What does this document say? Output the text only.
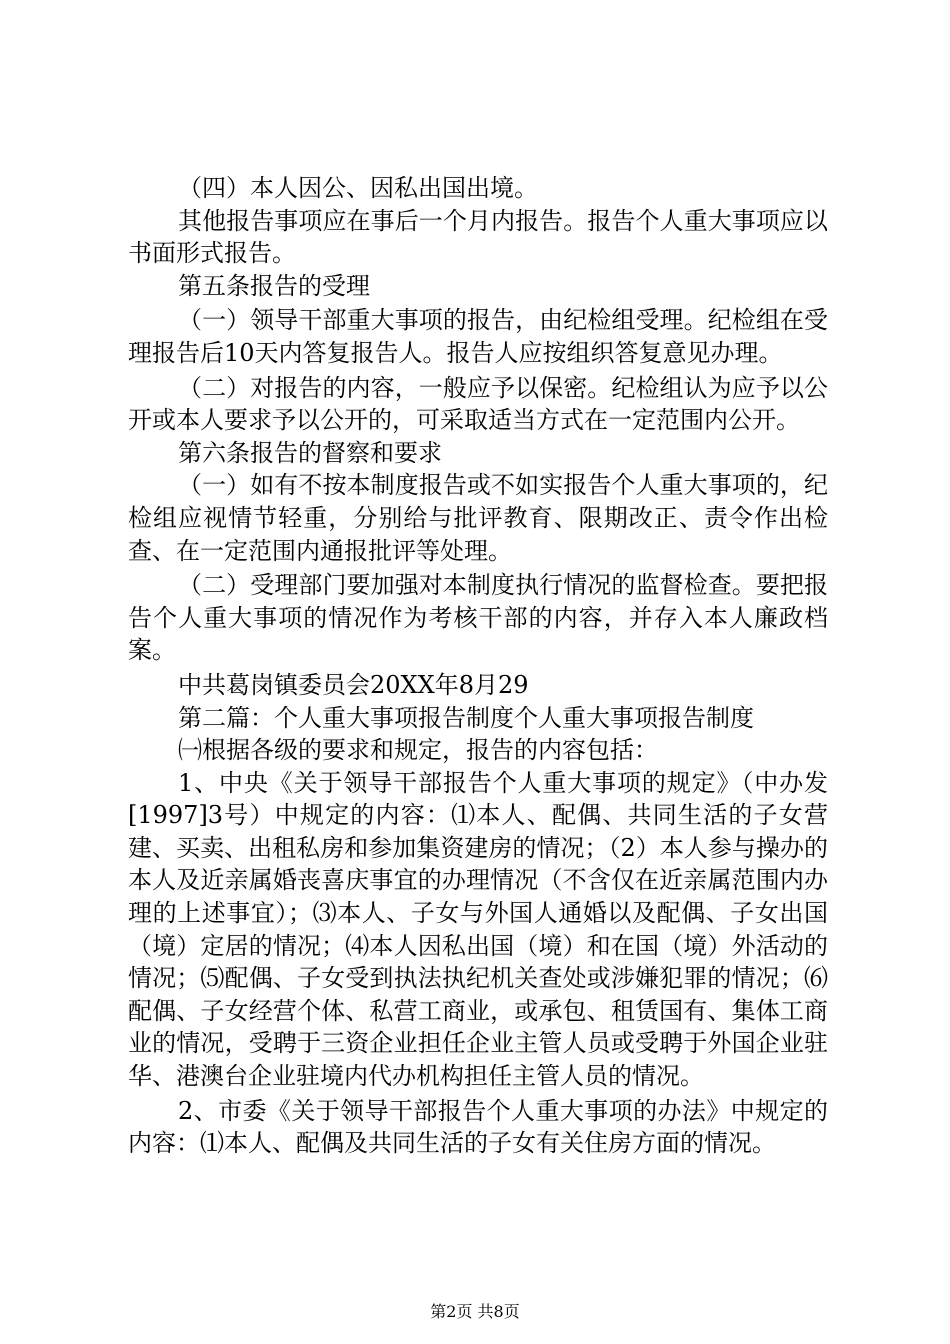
（四）本人因公、因私出国出境。

其他报告事项应在事后一个月内报告。报告个人重大事项应以书面形式报告。

第五条报告的受理

（一）领导干部重大事项的报告，由纪检组受理。纪检组在受理报告后10天内答复报告人。报告人应按组织答复意见办理。

（二）对报告的内容，一般应予以保密。纪检组认为应予以公开或本人要求予以公开的，可采取适当方式在一定范围内公开。

第六条报告的督察和要求

（一）如有不按本制度报告或不如实报告个人重大事项的，纪检组应视情节轻重，分别给与批评教育、限期改正、责令作出检查、在一定范围内通报批评等处理。

（二）受理部门要加强对本制度执行情况的监督检查。要把报告个人重大事项的情况作为考核干部的内容，并存入本人廉政档案。

中共葛岗镇委员会20XX年8月29

第二篇：个人重大事项报告制度个人重大事项报告制度

㈠根据各级的要求和规定，报告的内容包括：

1、中央《关于领导干部报告个人重大事项的规定》（中办发[1997]3号）中规定的内容：⑴本人、配偶、共同生活的子女营建、买卖、出租私房和参加集资建房的情况；（2）本人参与操办的本人及近亲属婚丧喜庆事宜的办理情况（不含仅在近亲属范围内办理的上述事宜）；⑶本人、子女与外国人通婚以及配偶、子女出国（境）定居的情况；⑷本人因私出国（境）和在国（境）外活动的情况；⑸配偶、子女受到执法执纪机关查处或涉嫌犯罪的情况；⑹配偶、子女经营个体、私营工商业，或承包、租赁国有、集体工商业的情况，受聘于三资企业担任企业主管人员或受聘于外国企业驻华、港澳台企业驻境内代办机构担任主管人员的情况。

2、市委《关于领导干部报告个人重大事项的办法》中规定的内容：⑴本人、配偶及共同生活的子女有关住房方面的情况。

第2页 共8页
